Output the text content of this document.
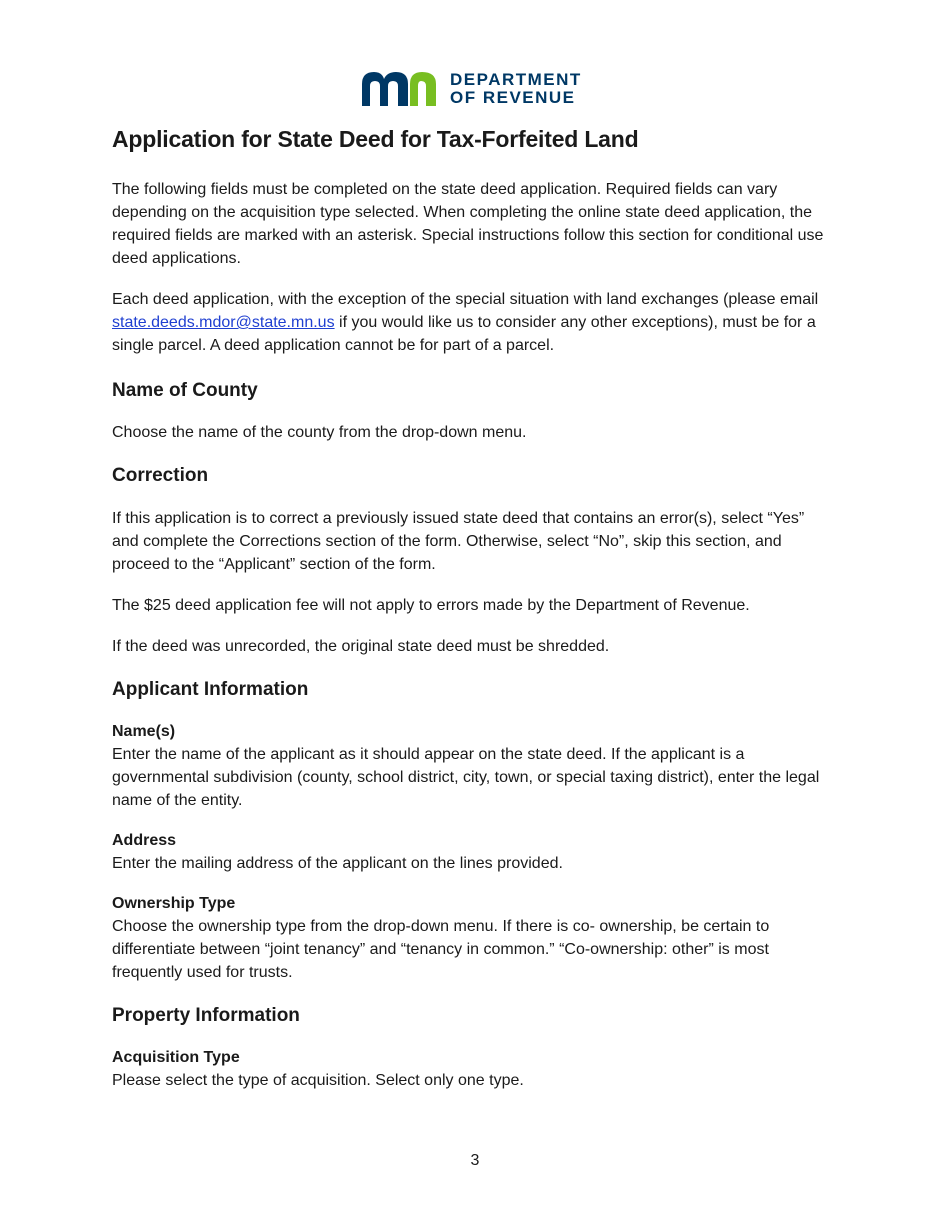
DEPARTMENT
OF REVENUE
Application for State Deed for Tax-Forfeited Land

The following fields must be completed on the state deed application. Required fields can vary depending on the acquisition type selected. When completing the online state deed application, the required fields are marked with an asterisk. Special instructions follow this section for conditional use deed applications.

Each deed application, with the exception of the special situation with land exchanges (please email state.deeds.mdor@state.mn.us if you would like us to consider any other exceptions), must be for a single parcel. A deed application cannot be for part of a parcel.

Name of County

Choose the name of the county from the drop-down menu.

Correction

If this application is to correct a previously issued state deed that contains an error(s), select “Yes” and complete the Corrections section of the form. Otherwise, select “No”, skip this section, and proceed to the “Applicant” section of the form.

The $25 deed application fee will not apply to errors made by the Department of Revenue.

If the deed was unrecorded, the original state deed must be shredded.

Applicant Information
Name(s)

Enter the name of the applicant as it should appear on the state deed. If the applicant is a governmental subdivision (county, school district, city, town, or special taxing district), enter the legal name of the entity.

Address

Enter the mailing address of the applicant on the lines provided.

Ownership Type

Choose the ownership type from the drop-down menu. If there is co- ownership, be certain to differentiate between “joint tenancy” and “tenancy in common.” “Co-ownership: other” is most frequently used for trusts.

Property Information
Acquisition Type

Please select the type of acquisition. Select only one type.

3
